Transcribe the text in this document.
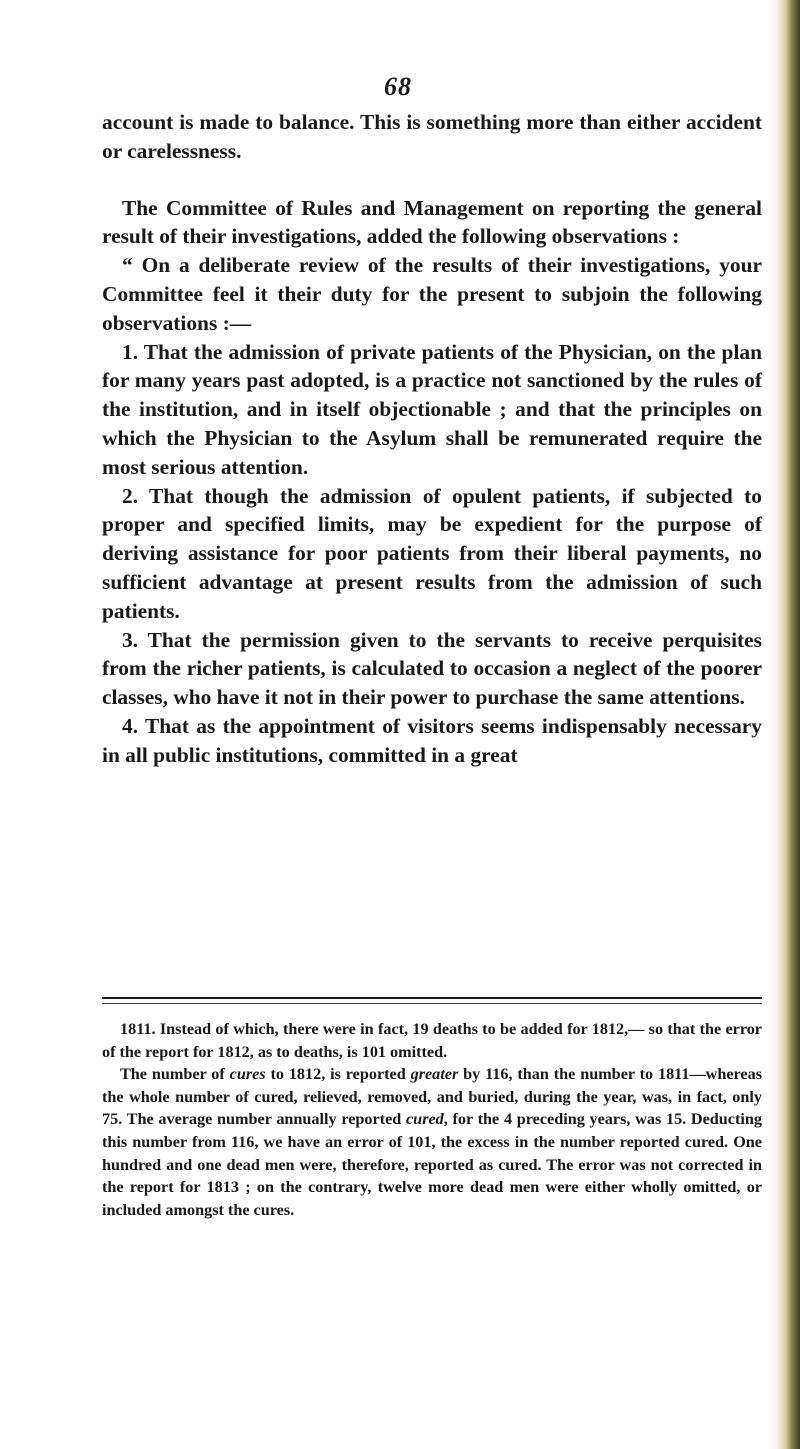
68

account is made to balance. This is something more than either accident or carelessness.

The Committee of Rules and Management on reporting the general result of their investigations, added the following observations :

“ On a deliberate review of the results of their investigations, your Committee feel it their duty for the present to subjoin the following observations :—

1. That the admission of private patients of the Physician, on the plan for many years past adopted, is a practice not sanctioned by the rules of the institution, and in itself objectionable ; and that the principles on which the Physician to the Asylum shall be remunerated require the most serious attention.

2. That though the admission of opulent patients, if subjected to proper and specified limits, may be expedient for the purpose of deriving assistance for poor patients from their liberal payments, no sufficient advantage at present results from the admission of such patients.

3. That the permission given to the servants to receive perquisites from the richer patients, is calculated to occasion a neglect of the poorer classes, who have it not in their power to purchase the same attentions.

4. That as the appointment of visitors seems indispensably necessary in all public institutions, committed in a great

1811. Instead of which, there were in fact, 19 deaths to be added for 1812,— so that the error of the report for 1812, as to deaths, is 101 omitted.

The number of cures to 1812, is reported greater by 116, than the number to 1811—whereas the whole number of cured, relieved, removed, and buried, during the year, was, in fact, only 75. The average number annually reported cured, for the 4 preceding years, was 15. Deducting this number from 116, we have an error of 101, the excess in the number reported cured. One hundred and one dead men were, therefore, reported as cured. The error was not corrected in the report for 1813 ; on the contrary, twelve more dead men were either wholly omitted, or included amongst the cures.
